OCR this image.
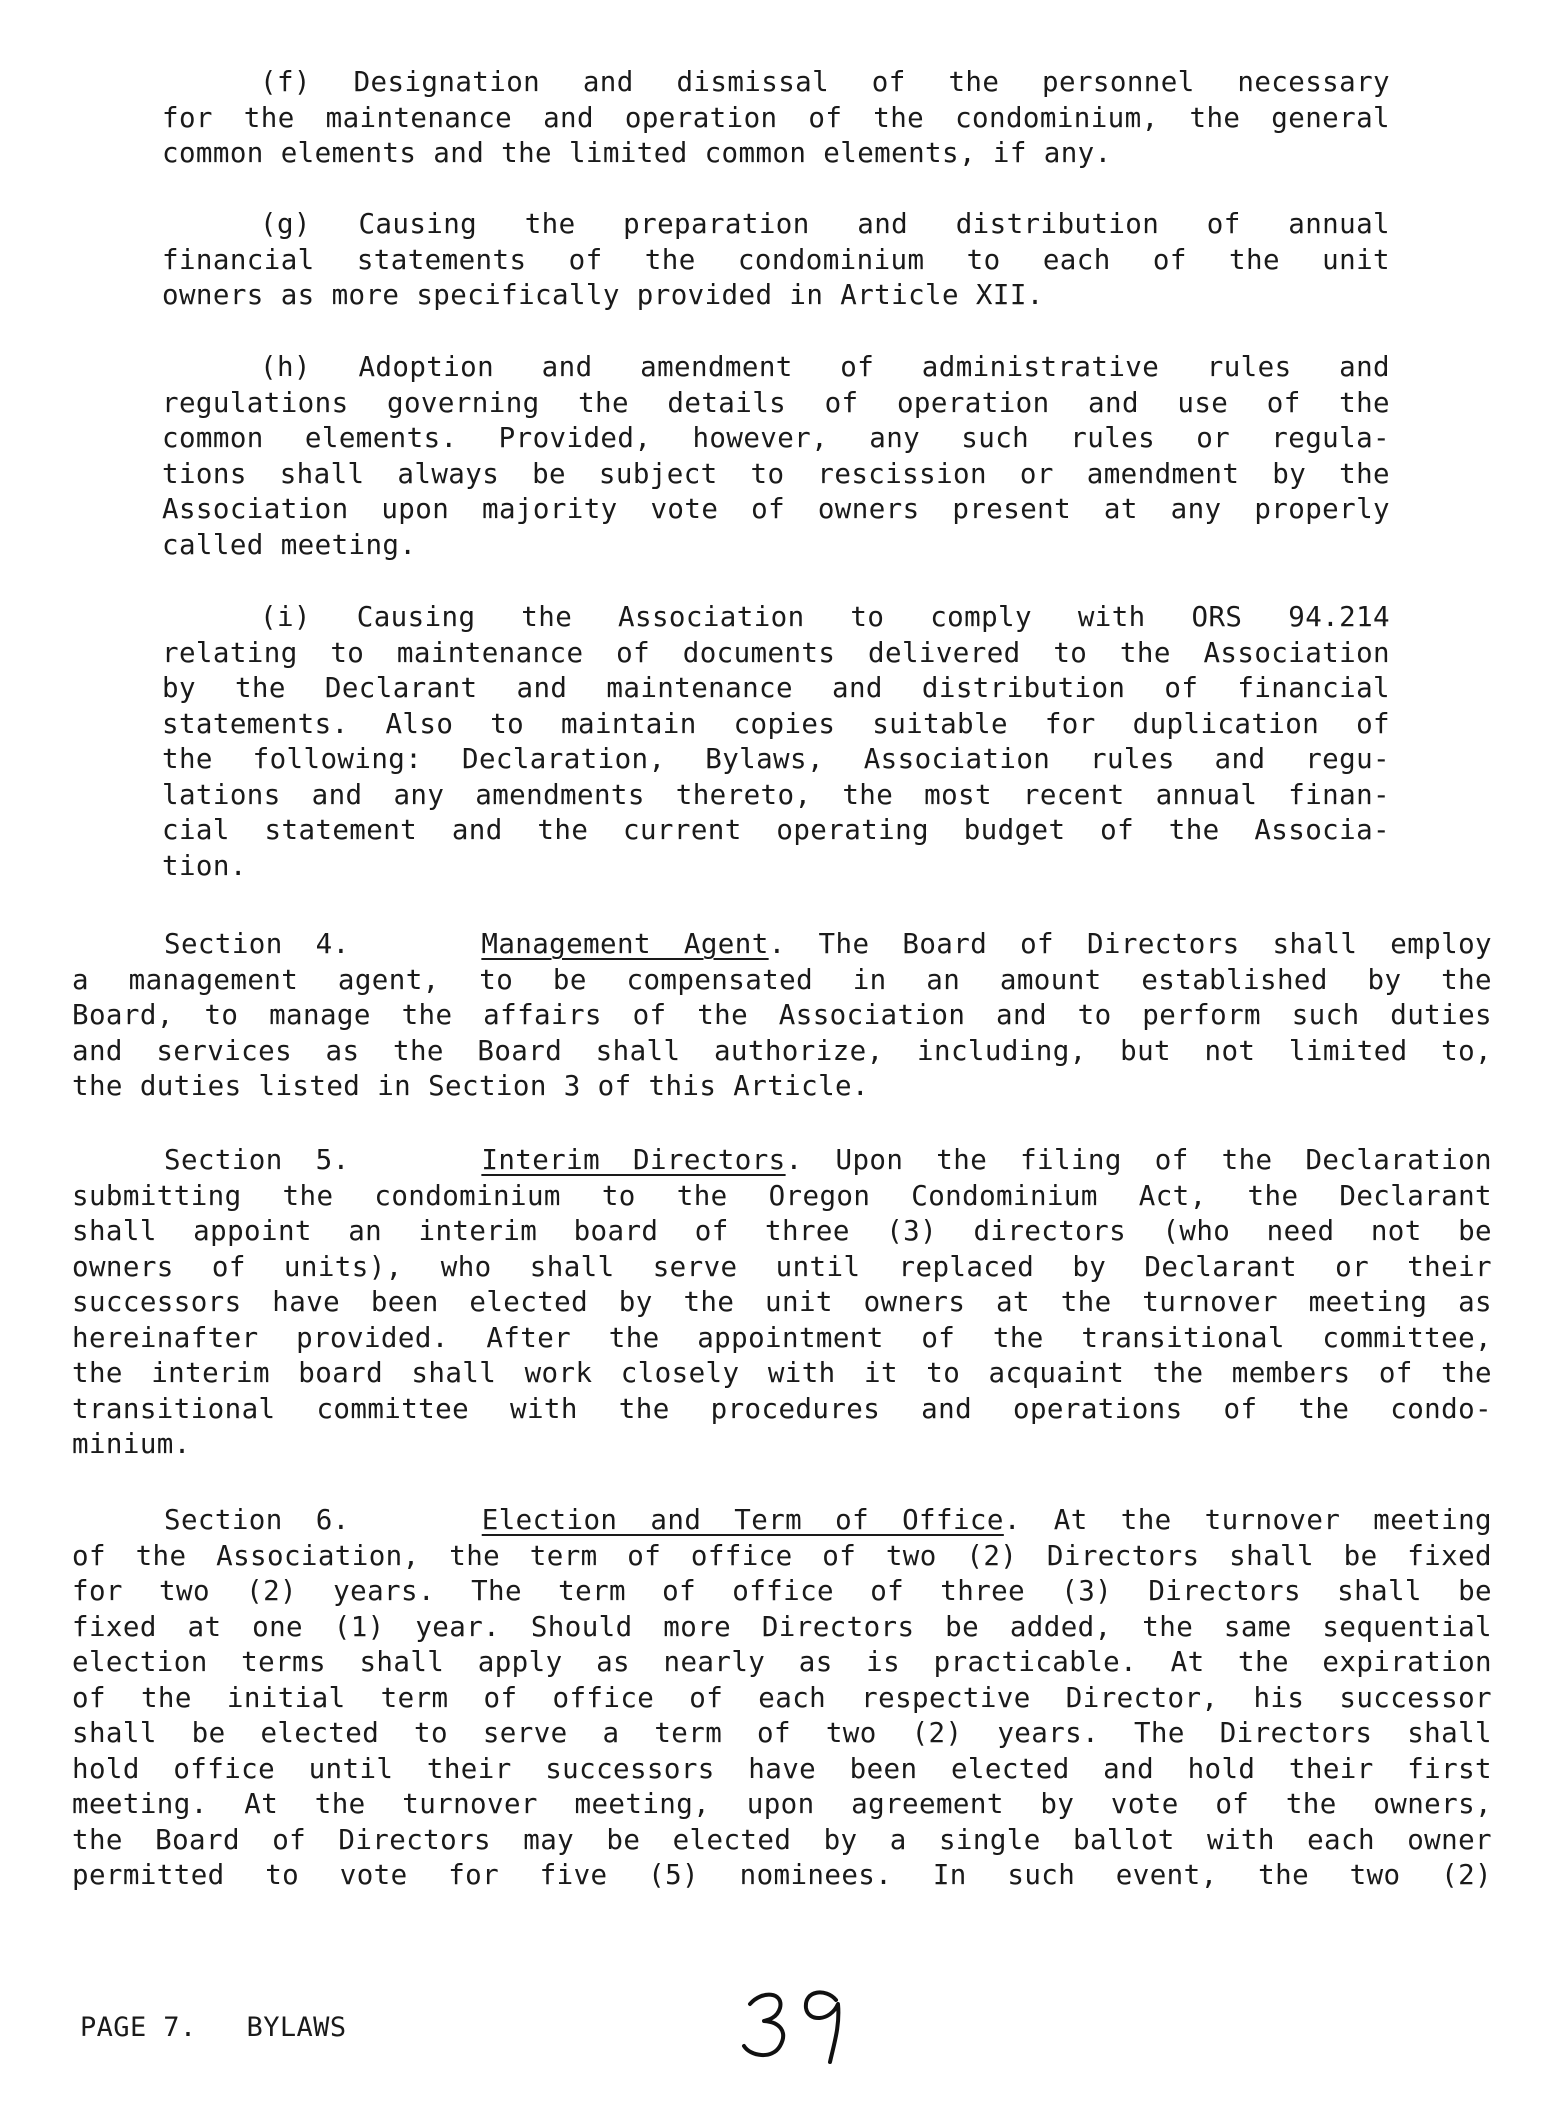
(f) Designation and dismissal of the personnel necessary
for the maintenance and operation of the condominium, the general
common elements and the limited common elements, if any.
(g) Causing the preparation and distribution of annual
financial statements of the condominium to each of the unit
owners as more specifically provided in Article XII.
(h) Adoption and amendment of administrative rules and
regulations governing the details of operation and use of the
common elements. Provided, however, any such rules or regula-
tions shall always be subject to rescission or amendment by the
Association upon majority vote of owners present at any properly
called meeting.
(i) Causing the Association to comply with ORS 94.214
relating to maintenance of documents delivered to the Association
by the Declarant and maintenance and distribution of financial
statements. Also to maintain copies suitable for duplication of
the following: Declaration, Bylaws, Association rules and regu-
lations and any amendments thereto, the most recent annual finan-
cial statement and the current operating budget of the Associa-
tion.
Section 4.	Management Agent. The Board of Directors shall employ
a management agent, to be compensated in an amount established by the
Board, to manage the affairs of the Association and to perform such duties
and services as the Board shall authorize, including, but not limited to,
the duties listed in Section 3 of this Article.
Section 5.	Interim Directors. Upon the filing of the Declaration
submitting the condominium to the Oregon Condominium Act, the Declarant
shall appoint an interim board of three (3) directors (who need not be
owners of units), who shall serve until replaced by Declarant or their
successors have been elected by the unit owners at the turnover meeting as
hereinafter provided. After the appointment of the transitional committee,
the interim board shall work closely with it to acquaint the members of the
transitional committee with the procedures and operations of the condo-
minium.
Section 6.	Election and Term of Office. At the turnover meeting
of the Association, the term of office of two (2) Directors shall be fixed
for two (2) years. The term of office of three (3) Directors shall be
fixed at one (1) year. Should more Directors be added, the same sequential
election terms shall apply as nearly as is practicable. At the expiration
of the initial term of office of each respective Director, his successor
shall be elected to serve a term of two (2) years. The Directors shall
hold office until their successors have been elected and hold their first
meeting. At the turnover meeting, upon agreement by vote of the owners,
the Board of Directors may be elected by a single ballot with each owner
permitted to vote for five (5) nominees. In such event, the two (2)
PAGE 7.   BYLAWS
